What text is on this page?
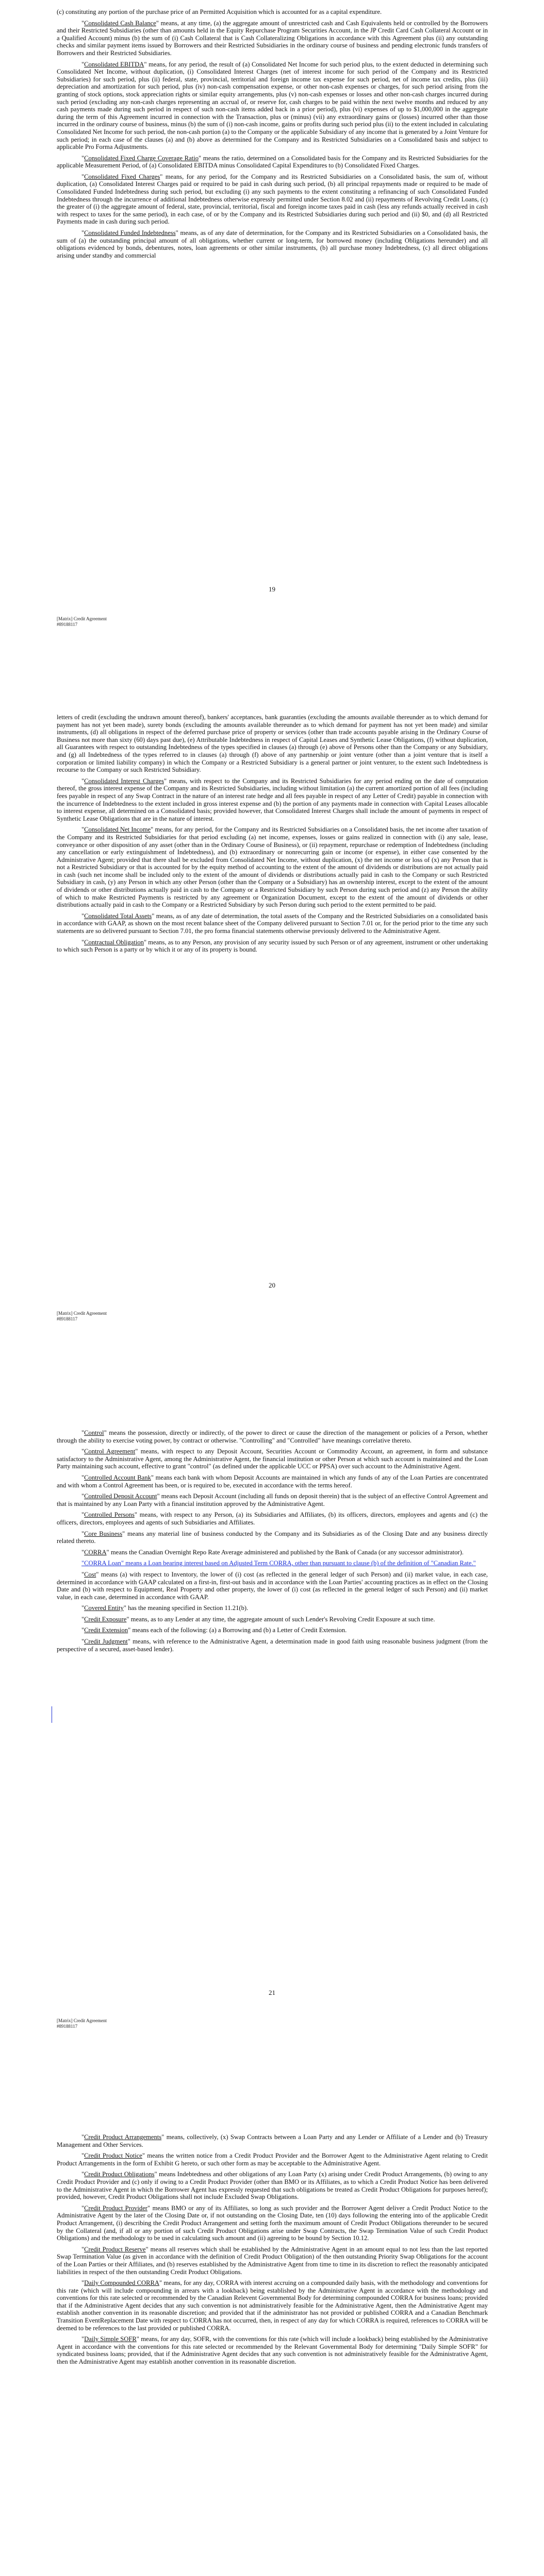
(c) constituting any portion of the purchase price of an Permitted Acquisition which is accounted for as a capital expenditure.

"Consolidated Cash Balance" means, at any time, (a) the aggregate amount of unrestricted cash and Cash Equivalents held or controlled by the Borrowers and their Restricted Subsidiaries (other than amounts held in the Equity Repurchase Program Securities Account, in the JP Credit Card Cash Collateral Account or in a Qualified Account) minus (b) the sum of (i) Cash Collateral that is Cash Collateralizing Obligations in accordance with this Agreement plus (ii) any outstanding checks and similar payment items issued by Borrowers and their Restricted Subsidiaries in the ordinary course of business and pending electronic funds transfers of Borrowers and their Restricted Subsidiaries.

"Consolidated EBITDA" means, for any period, the result of (a) Consolidated Net Income for such period plus, to the extent deducted in determining such Consolidated Net Income, without duplication, (i) Consolidated Interest Charges (net of interest income for such period of the Company and its Restricted Subsidiaries) for such period, plus (ii) federal, state, provincial, territorial and foreign income tax expense for such period, net of income tax credits, plus (iii) depreciation and amortization for such period, plus (iv) non-cash compensation expense, or other non-cash expenses or charges, for such period arising from the granting of stock options, stock appreciation rights or similar equity arrangements, plus (v) non-cash expenses or losses and other non-cash charges incurred during such period (excluding any non-cash charges representing an accrual of, or reserve for, cash charges to be paid within the next twelve months and reduced by any cash payments made during such period in respect of such non-cash items added back in a prior period), plus (vi) expenses of up to $1,000,000 in the aggregate during the term of this Agreement incurred in connection with the Transaction, plus or (minus) (vii) any extraordinary gains or (losses) incurred other than those incurred in the ordinary course of business, minus (b) the sum of (i) non-cash income, gains or profits during such period plus (ii) to the extent included in calculating Consolidated Net Income for such period, the non-cash portion (a) to the Company or the applicable Subsidiary of any income that is generated by a Joint Venture for such period; in each case of the clauses (a) and (b) above as determined for the Company and its Restricted Subsidiaries on a Consolidated basis and subject to applicable Pro Forma Adjustments.

"Consolidated Fixed Charge Coverage Ratio" means the ratio, determined on a Consolidated basis for the Company and its Restricted Subsidiaries for the applicable Measurement Period, of (a) Consolidated EBITDA minus Consolidated Capital Expenditures to (b) Consolidated Fixed Charges.

"Consolidated Fixed Charges" means, for any period, for the Company and its Restricted Subsidiaries on a Consolidated basis, the sum of, without duplication, (a) Consolidated Interest Charges paid or required to be paid in cash during such period, (b) all principal repayments made or required to be made of Consolidated Funded Indebtedness during such period, but excluding (i) any such payments to the extent constituting a refinancing of such Consolidated Funded Indebtedness through the incurrence of additional Indebtedness otherwise expressly permitted under Section 8.02 and (ii) repayments of Revolving Credit Loans, (c) the greater of (i) the aggregate amount of federal, state, provincial, territorial, fiscal and foreign income taxes paid in cash (less any refunds actually received in cash with respect to taxes for the same period), in each case, of or by the Company and its Restricted Subsidiaries during such period and (ii) $0, and (d) all Restricted Payments made in cash during such period.

"Consolidated Funded Indebtedness" means, as of any date of determination, for the Company and its Restricted Subsidiaries on a Consolidated basis, the sum of (a) the outstanding principal amount of all obligations, whether current or long-term, for borrowed money (including Obligations hereunder) and all obligations evidenced by bonds, debentures, notes, loan agreements or other similar instruments, (b) all purchase money Indebtedness, (c) all direct obligations arising under standby and commercial

19
[Matrix] Credit Agreement
#89188117

letters of credit (excluding the undrawn amount thereof), bankers' acceptances, bank guaranties (excluding the amounts available thereunder as to which demand for payment has not yet been made), surety bonds (excluding the amounts available thereunder as to which demand for payment has not yet been made) and similar instruments, (d) all obligations in respect of the deferred purchase price of property or services (other than trade accounts payable arising in the Ordinary Course of Business not more than sixty (60) days past due), (e) Attributable Indebtedness in respect of Capital Leases and Synthetic Lease Obligations, (f) without duplication, all Guarantees with respect to outstanding Indebtedness of the types specified in clauses (a) through (e) above of Persons other than the Company or any Subsidiary, and (g) all Indebtedness of the types referred to in clauses (a) through (f) above of any partnership or joint venture (other than a joint venture that is itself a corporation or limited liability company) in which the Company or a Restricted Subsidiary is a general partner or joint venturer, to the extent such Indebtedness is recourse to the Company or such Restricted Subsidiary.

"Consolidated Interest Charges" means, with respect to the Company and its Restricted Subsidiaries for any period ending on the date of computation thereof, the gross interest expense of the Company and its Restricted Subsidiaries, including without limitation (a) the current amortized portion of all fees (including fees payable in respect of any Swap Contract in the nature of an interest rate hedge and all fees payable in respect of any Letter of Credit) payable in connection with the incurrence of Indebtedness to the extent included in gross interest expense and (b) the portion of any payments made in connection with Capital Leases allocable to interest expense, all determined on a Consolidated basis; provided however, that Consolidated Interest Charges shall include the amount of payments in respect of Synthetic Lease Obligations that are in the nature of interest.

"Consolidated Net Income" means, for any period, for the Company and its Restricted Subsidiaries on a Consolidated basis, the net income after taxation of the Company and its Restricted Subsidiaries for that period excluding (a) net income, expenses, losses or gains realized in connection with (i) any sale, lease, conveyance or other disposition of any asset (other than in the Ordinary Course of Business), or (ii) repayment, repurchase or redemption of Indebtedness (including any cancellation or early extinguishment of Indebtedness), and (b) extraordinary or nonrecurring gain or income (or expense), in either case consented by the Administrative Agent; provided that there shall be excluded from Consolidated Net Income, without duplication, (x) the net income or loss of (x) any Person that is not a Restricted Subsidiary or that is accounted for by the equity method of accounting to the extent of the amount of dividends or distributions are not actually paid in cash (such net income shall be included only to the extent of the amount of dividends or distributions actually paid in cash to the Company or such Restricted Subsidiary in cash, (y) any Person in which any other Person (other than the Company or a Subsidiary) has an ownership interest, except to the extent of the amount of dividends or other distributions actually paid in cash to the Company or a Restricted Subsidiary by such Person during such period and (z) any Person the ability of which to make Restricted Payments is restricted by any agreement or Organization Document, except to the extent of the amount of dividends or other distributions actually paid in cash to the Company or a Restricted Subsidiary by such Person during such period to the extent permitted to be paid.

"Consolidated Total Assets" means, as of any date of determination, the total assets of the Company and the Restricted Subsidiaries on a consolidated basis in accordance with GAAP, as shown on the most recent balance sheet of the Company delivered pursuant to Section 7.01 or, for the period prior to the time any such statements are so delivered pursuant to Section 7.01, the pro forma financial statements otherwise previously delivered to the Administrative Agent.

"Contractual Obligation" means, as to any Person, any provision of any security issued by such Person or of any agreement, instrument or other undertaking to which such Person is a party or by which it or any of its property is bound.

20
[Matrix] Credit Agreement
#89188117

"Control" means the possession, directly or indirectly, of the power to direct or cause the direction of the management or policies of a Person, whether through the ability to exercise voting power, by contract or otherwise. "Controlling" and "Controlled" have meanings correlative thereto.

"Control Agreement" means, with respect to any Deposit Account, Securities Account or Commodity Account, an agreement, in form and substance satisfactory to the Administrative Agent, among the Administrative Agent, the financial institution or other Person at which such account is maintained and the Loan Party maintaining such account, effective to grant "control" (as defined under the applicable UCC or PPSA) over such account to the Administrative Agent.

"Controlled Account Bank" means each bank with whom Deposit Accounts are maintained in which any funds of any of the Loan Parties are concentrated and with whom a Control Agreement has been, or is required to be, executed in accordance with the terms hereof.

"Controlled Deposit Account" means each Deposit Account (including all funds on deposit therein) that is the subject of an effective Control Agreement and that is maintained by any Loan Party with a financial institution approved by the Administrative Agent.

"Controlled Persons" means, with respect to any Person, (a) its Subsidiaries and Affiliates, (b) its officers, directors, employees and agents and (c) the officers, directors, employees and agents of such Subsidiaries and Affiliates.

"Core Business" means any material line of business conducted by the Company and its Subsidiaries as of the Closing Date and any business directly related thereto.

"CORRA" means the Canadian Overnight Repo Rate Average administered and published by the Bank of Canada (or any successor administrator).

"CORRA Loan" means a Loan bearing interest based on Adjusted Term CORRA, other than pursuant to clause (b) of the definition of "Canadian Rate."

"Cost" means (a) with respect to Inventory, the lower of (i) cost (as reflected in the general ledger of such Person) and (ii) market value, in each case, determined in accordance with GAAP calculated on a first-in, first-out basis and in accordance with the Loan Parties' accounting practices as in effect on the Closing Date and (b) with respect to Equipment, Real Property and other property, the lower of (i) cost (as reflected in the general ledger of such Person) and (ii) market value, in each case, determined in accordance with GAAP.

"Covered Entity" has the meaning specified in Section 11.21(b).

"Credit Exposure" means, as to any Lender at any time, the aggregate amount of such Lender's Revolving Credit Exposure at such time.

"Credit Extension" means each of the following: (a) a Borrowing and (b) a Letter of Credit Extension.

"Credit Judgment" means, with reference to the Administrative Agent, a determination made in good faith using reasonable business judgment (from the perspective of a secured, asset-based lender).

21
[Matrix] Credit Agreement
#89188117

"Credit Product Arrangements" means, collectively, (x) Swap Contracts between a Loan Party and any Lender or Affiliate of a Lender and (b) Treasury Management and Other Services.

"Credit Product Notice" means the written notice from a Credit Product Provider and the Borrower Agent to the Administrative Agent relating to Credit Product Arrangements in the form of Exhibit G hereto, or such other form as may be acceptable to the Administrative Agent.

"Credit Product Obligations" means Indebtedness and other obligations of any Loan Party (x) arising under Credit Product Arrangements, (b) owing to any Credit Product Provider and (c) only if owing to a Credit Product Provider (other than BMO or its Affiliates, as to which a Credit Product Notice has been delivered to the Administrative Agent in which the Borrower Agent has expressly requested that such obligations be treated as Credit Product Obligations for purposes hereof); provided, however, Credit Product Obligations shall not include Excluded Swap Obligations.

"Credit Product Provider" means BMO or any of its Affiliates, so long as such provider and the Borrower Agent deliver a Credit Product Notice to the Administrative Agent by the later of the Closing Date or, if not outstanding on the Closing Date, ten (10) days following the entering into of the applicable Credit Product Arrangement, (i) describing the Credit Product Arrangement and setting forth the maximum amount of Credit Product Obligations thereunder to be secured by the Collateral (and, if all or any portion of such Credit Product Obligations arise under Swap Contracts, the Swap Termination Value of such Credit Product Obligations) and the methodology to be used in calculating such amount and (ii) agreeing to be bound by Section 10.12.

"Credit Product Reserve" means all reserves which shall be established by the Administrative Agent in an amount equal to not less than the last reported Swap Termination Value (as given in accordance with the definition of Credit Product Obligation) of the then outstanding Priority Swap Obligations for the account of the Loan Parties or their Affiliates, and (b) reserves established by the Administrative Agent from time to time in its discretion to reflect the reasonably anticipated liabilities in respect of the then outstanding Credit Product Obligations.

"Daily Compounded CORRA" means, for any day, CORRA with interest accruing on a compounded daily basis, with the methodology and conventions for this rate (which will include compounding in arrears with a lookback) being established by the Administrative Agent in accordance with the methodology and conventions for this rate selected or recommended by the Canadian Relevent Governmental Body for determining compounded CORRA for business loans; provided that if the Administrative Agent decides that any such convention is not administratively feasible for the Administrative Agent, then the Administrative Agent may establish another convention in its reasonable discretion; and provided that if the administrator has not provided or published CORRA and a Canadian Benchmark Transition EventReplacement Date with respect to CORRA has not occurred, then, in respect of any day for which CORRA is required, references to CORRA will be deemed to be references to the last provided or published CORRA.

"Daily Simple SOFR" means, for any day, SOFR, with the conventions for this rate (which will include a lookback) being established by the Administrative Agent in accordance with the conventions for this rate selected or recommended by the Relevant Governmental Body for determining "Daily Simple SOFR" for syndicated business loans; provided, that if the Administrative Agent decides that any such convention is not administratively feasible for the Administrative Agent, then the Administrative Agent may establish another convention in its reasonable discretion.
